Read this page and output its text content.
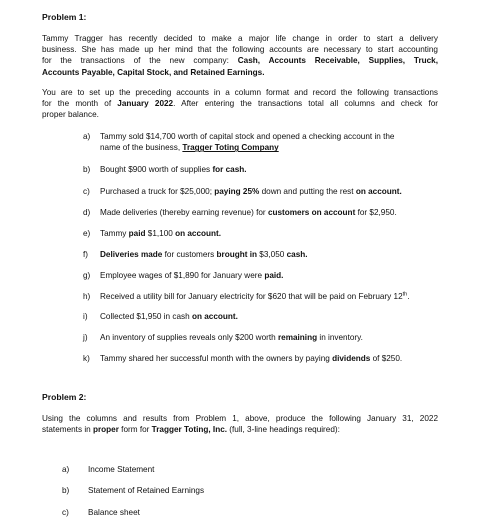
Problem 1:
Tammy Tragger has recently decided to make a major life change in order to start a delivery
business. She has made up her mind that the following accounts are necessary to start accounting
for the transactions of the new company: Cash, Accounts Receivable, Supplies, Truck,
Accounts Payable, Capital Stock, and Retained Earnings.
You are to set up the preceding accounts in a column format and record the following transactions
for the month of January 2022. After entering the transactions total all columns and check for
proper balance.
a)	Tammy sold $14,700 worth of capital stock and opened a checking account in the
name of the business, Tragger Toting Company
b)	Bought $900 worth of supplies for cash.
c)	Purchased a truck for $25,000; paying 25% down and putting the rest on account.
d)	Made deliveries (thereby earning revenue) for customers on account for $2,950.
e)	Tammy paid $1,100 on account.
f)	Deliveries made for customers brought in $3,050 cash.
g)	Employee wages of $1,890 for January were paid.
h)	Received a utility bill for January electricity for $620 that will be paid on February 12th.
i)	Collected $1,950 in cash on account.
j)	An inventory of supplies reveals only $200 worth remaining in inventory.
k)	Tammy shared her successful month with the owners by paying dividends of $250.
Problem 2:
Using the columns and results from Problem 1, above, produce the following January 31, 2022
statements in proper form for Tragger Toting, Inc. (full, 3-line headings required):
a) Income Statement
b) Statement of Retained Earnings
c) Balance sheet
